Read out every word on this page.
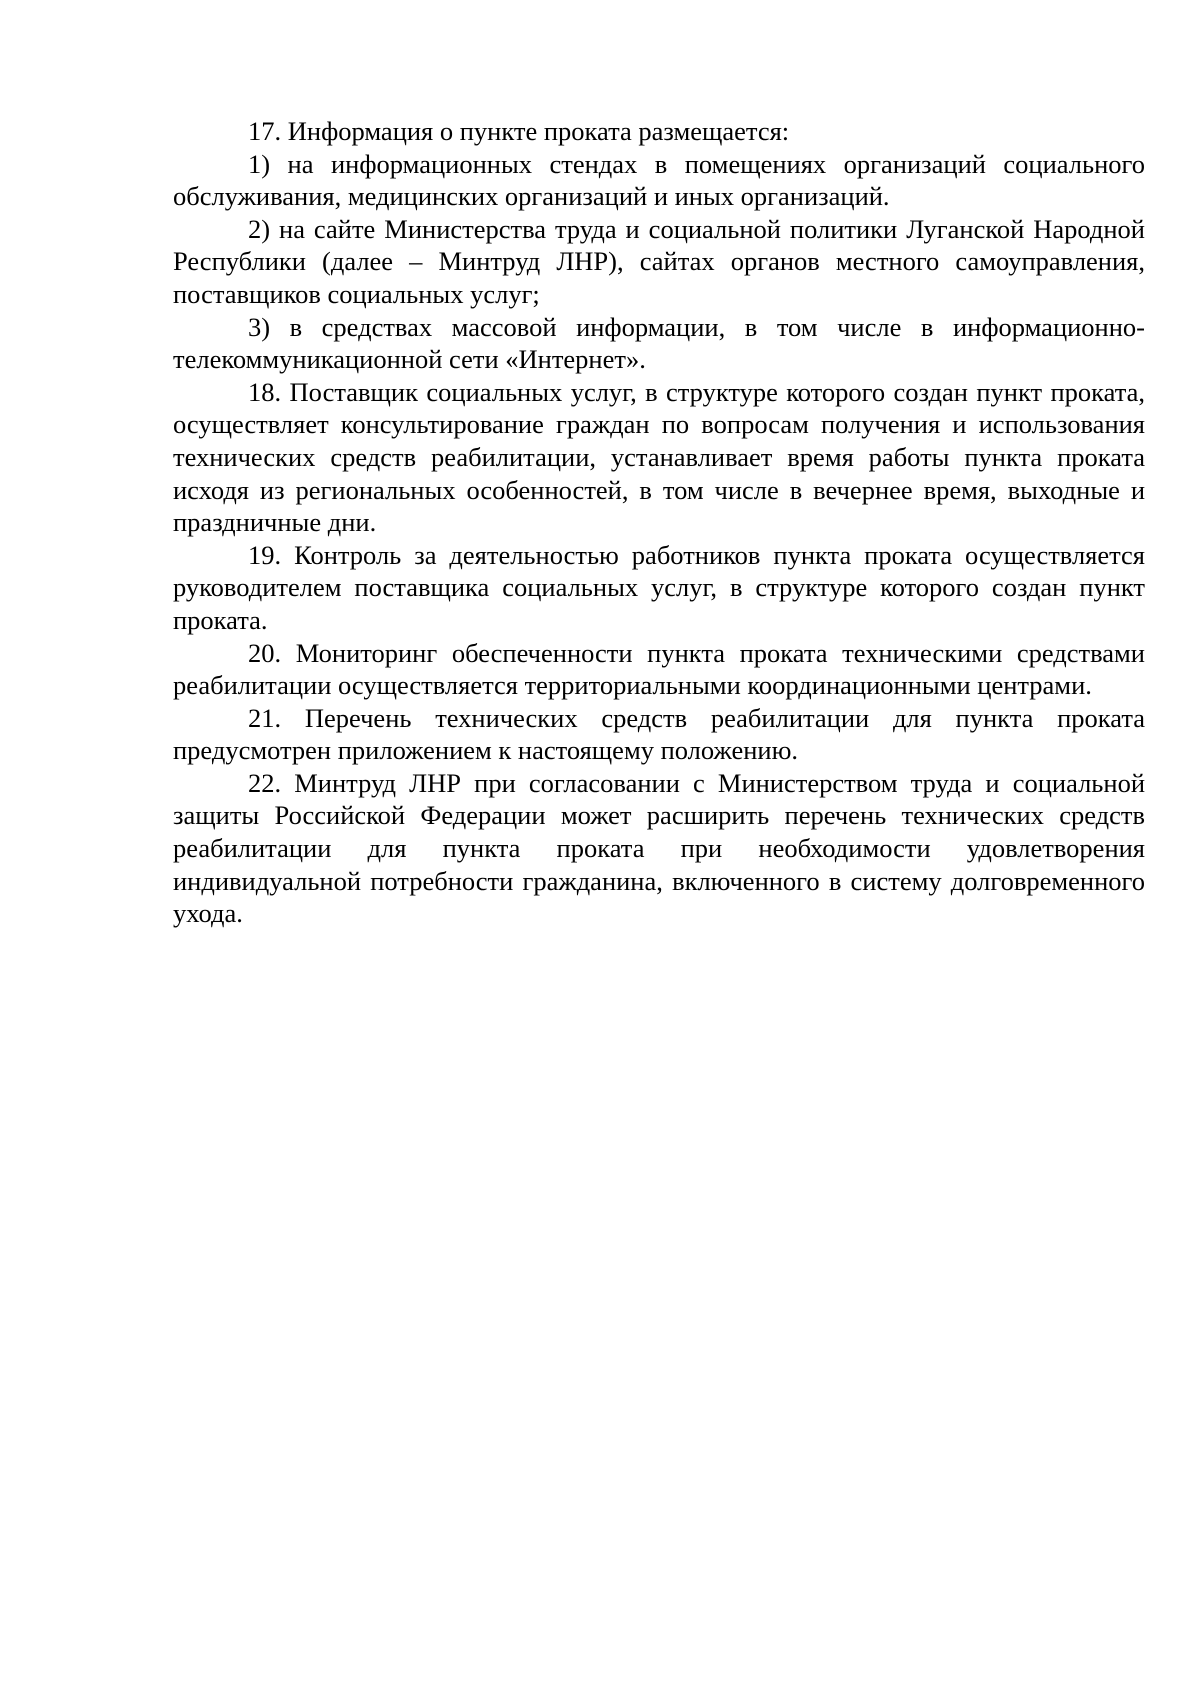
17. Информация о пункте проката размещается:

1) на информационных стендах в помещениях организаций социального обслуживания, медицинских организаций и иных организаций.

2) на сайте Министерства труда и социальной политики Луганской Народной Республики (далее – Минтруд ЛНР), сайтах органов местного самоуправления, поставщиков социальных услуг;

3) в средствах массовой информации, в том числе в информационно-телекоммуникационной сети «Интернет».

18. Поставщик социальных услуг, в структуре которого создан пункт проката, осуществляет консультирование граждан по вопросам получения и использования технических средств реабилитации, устанавливает время работы пункта проката исходя из региональных особенностей, в том числе в вечернее время, выходные и праздничные дни.

19. Контроль за деятельностью работников пункта проката осуществляется руководителем поставщика социальных услуг, в структуре которого создан пункт проката.

20. Мониторинг обеспеченности пункта проката техническими средствами реабилитации осуществляется территориальными координационными центрами.

21. Перечень технических средств реабилитации для пункта проката предусмотрен приложением к настоящему положению.

22. Минтруд ЛНР при согласовании с Министерством труда и социальной защиты Российской Федерации может расширить перечень технических средств реабилитации для пункта проката при необходимости удовлетворения индивидуальной потребности гражданина, включенного в систему долговременного ухода.
